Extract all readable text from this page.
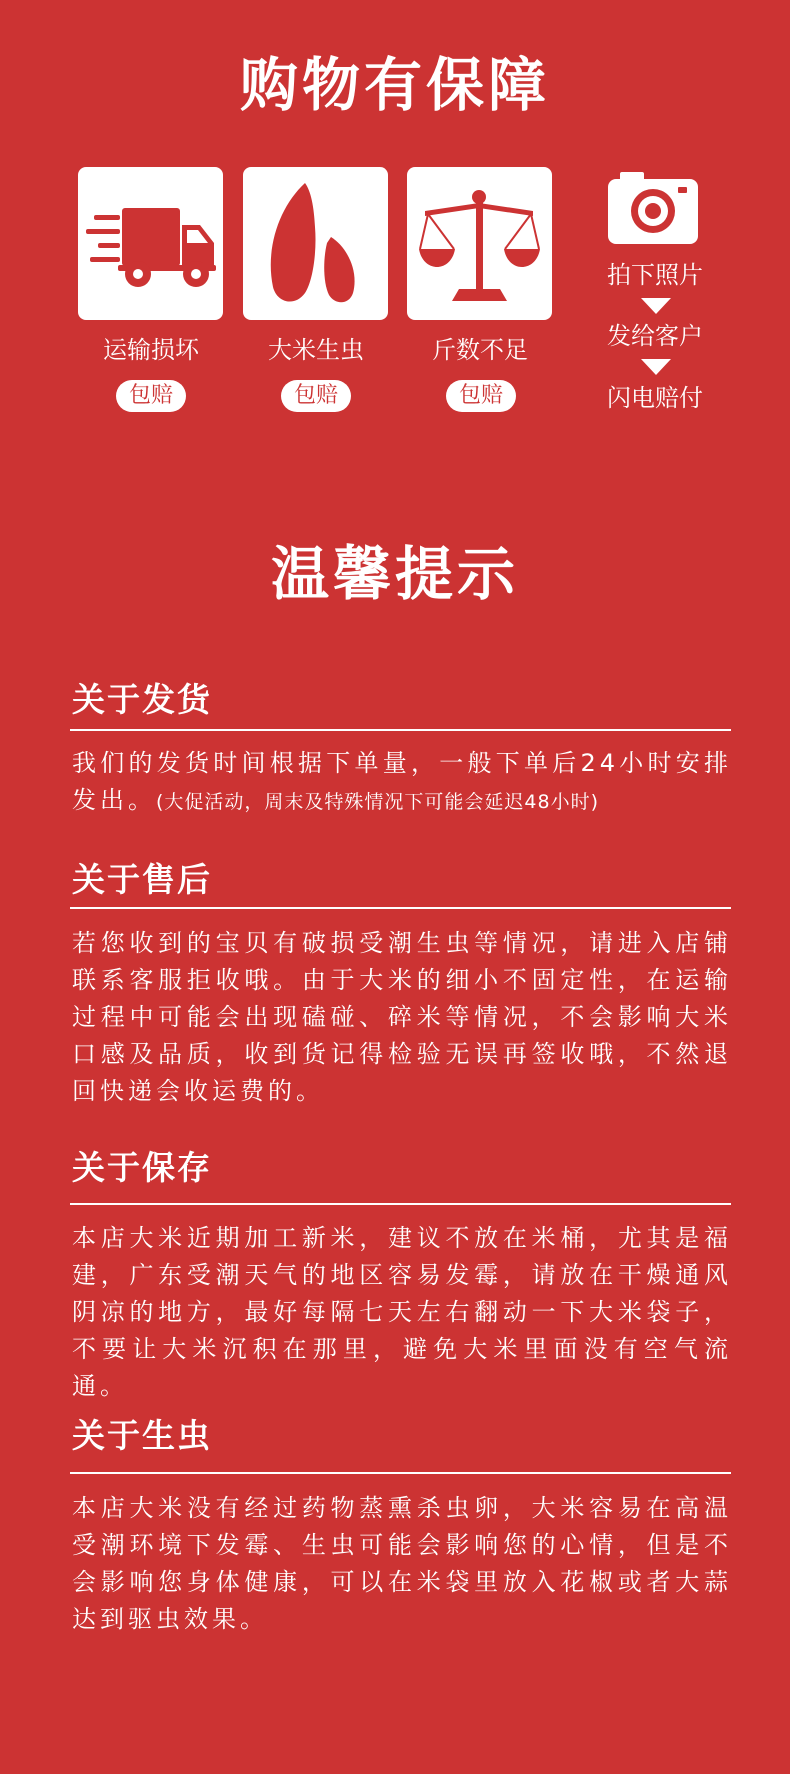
购物有保障
运输损坏	大米生虫	斤数不足
包赔	包赔	包赔
拍下照片
发给客户
闪电赔付
温馨提示
关于发货
我们的发货时间根据下单量，一般下单后24小时安排发出。(大促活动，周末及特殊情况下可能会延迟48小时)
关于售后
若您收到的宝贝有破损受潮生虫等情况，请进入店铺联系客服拒收哦。由于大米的细小不固定性，在运输过程中可能会出现磕碰、碎米等情况，不会影响大米口感及品质，收到货记得检验无误再签收哦，不然退回快递会收运费的。
关于保存
本店大米近期加工新米，建议不放在米桶，尤其是福建，广东受潮天气的地区容易发霉，请放在干燥通风阴凉的地方，最好每隔七天左右翻动一下大米袋子，不要让大米沉积在那里，避免大米里面没有空气流通。
关于生虫
本店大米没有经过药物蒸熏杀虫卵，大米容易在高温受潮环境下发霉、生虫可能会影响您的心情，但是不会影响您身体健康，可以在米袋里放入花椒或者大蒜达到驱虫效果。
